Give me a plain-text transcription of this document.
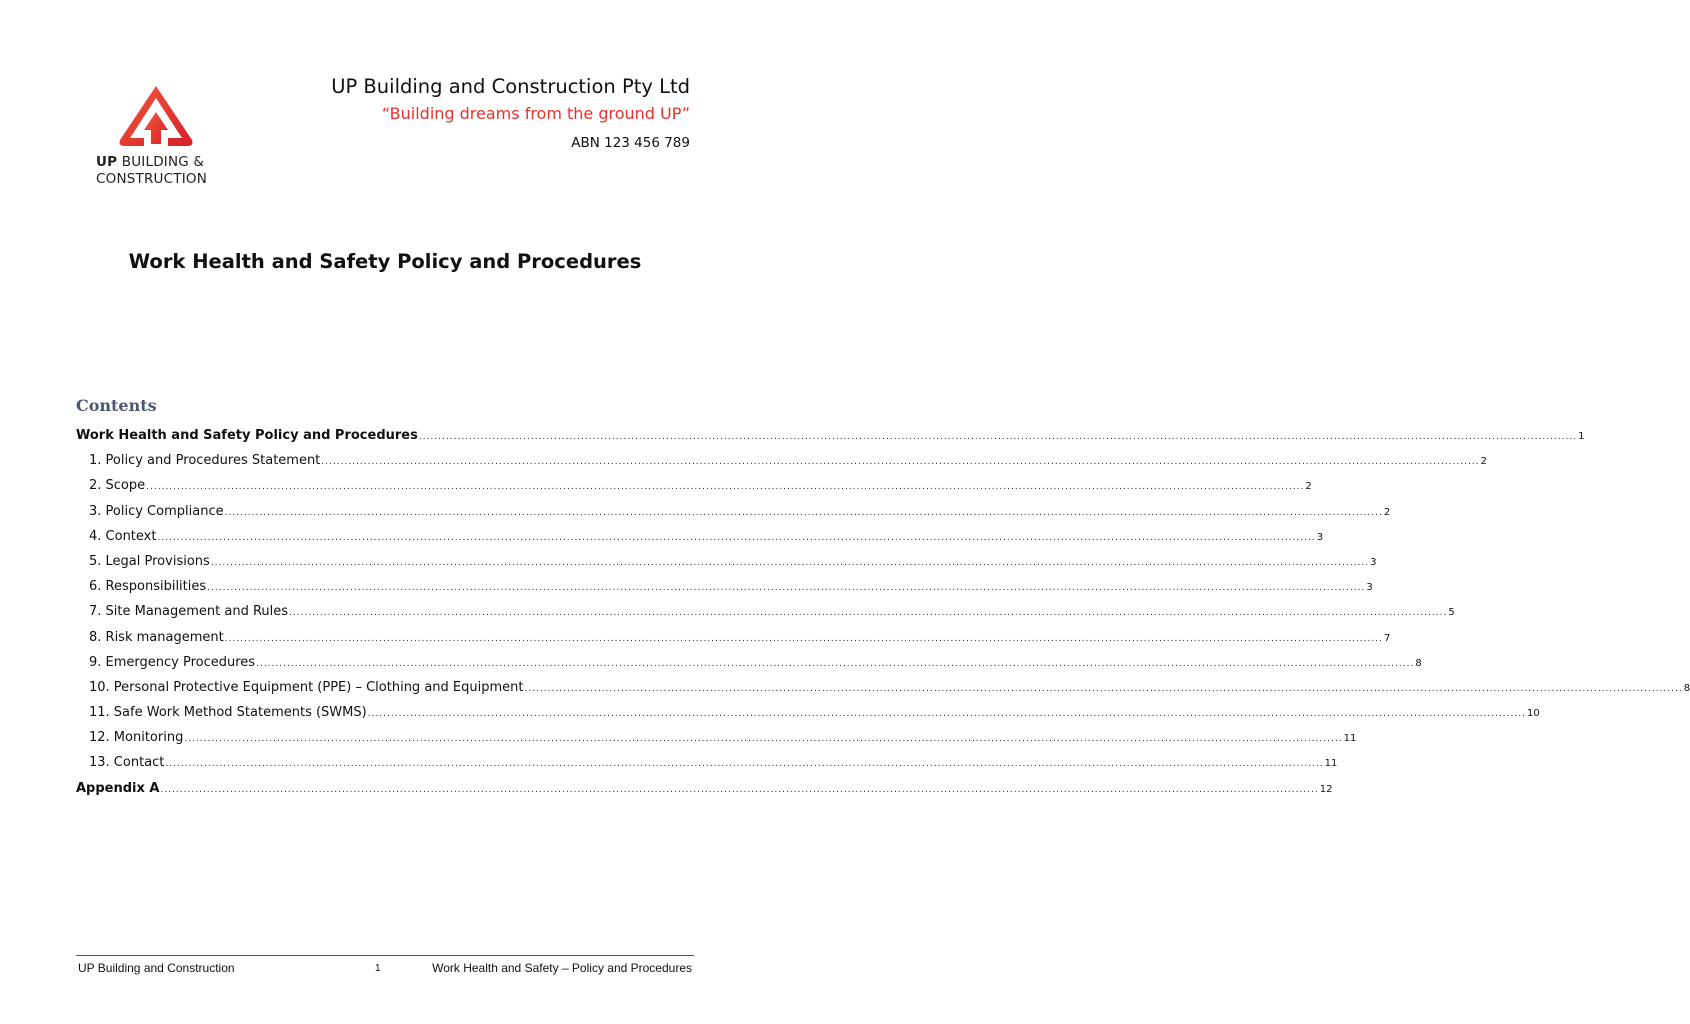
UP BUILDING &
CONSTRUCTION
UP Building and Construction Pty Ltd
“Building dreams from the ground UP”
ABN 123 456 789
Work Health and Safety Policy and Procedures
Contents
Work Health and Safety Policy and Procedures ............................................................................................................................................................................................................................................................................................................ 1
1. Policy and Procedures Statement ............................................................................................................................................................................................................................................................................................................ 2
2. Scope ............................................................................................................................................................................................................................................................................................................ 2
3. Policy Compliance ............................................................................................................................................................................................................................................................................................................ 2
4. Context ............................................................................................................................................................................................................................................................................................................ 3
5. Legal Provisions ............................................................................................................................................................................................................................................................................................................ 3
6. Responsibilities ............................................................................................................................................................................................................................................................................................................ 3
7. Site Management and Rules ............................................................................................................................................................................................................................................................................................................ 5
8. Risk management ............................................................................................................................................................................................................................................................................................................ 7
9. Emergency Procedures ............................................................................................................................................................................................................................................................................................................ 8
10. Personal Protective Equipment (PPE) – Clothing and Equipment ............................................................................................................................................................................................................................................................................................................ 8
11. Safe Work Method Statements (SWMS) ............................................................................................................................................................................................................................................................................................................ 10
12. Monitoring ............................................................................................................................................................................................................................................................................................................ 11
13. Contact ............................................................................................................................................................................................................................................................................................................ 11
Appendix A ............................................................................................................................................................................................................................................................................................................ 12
UP Building and Construction	1	Work Health and Safety – Policy and Procedures
